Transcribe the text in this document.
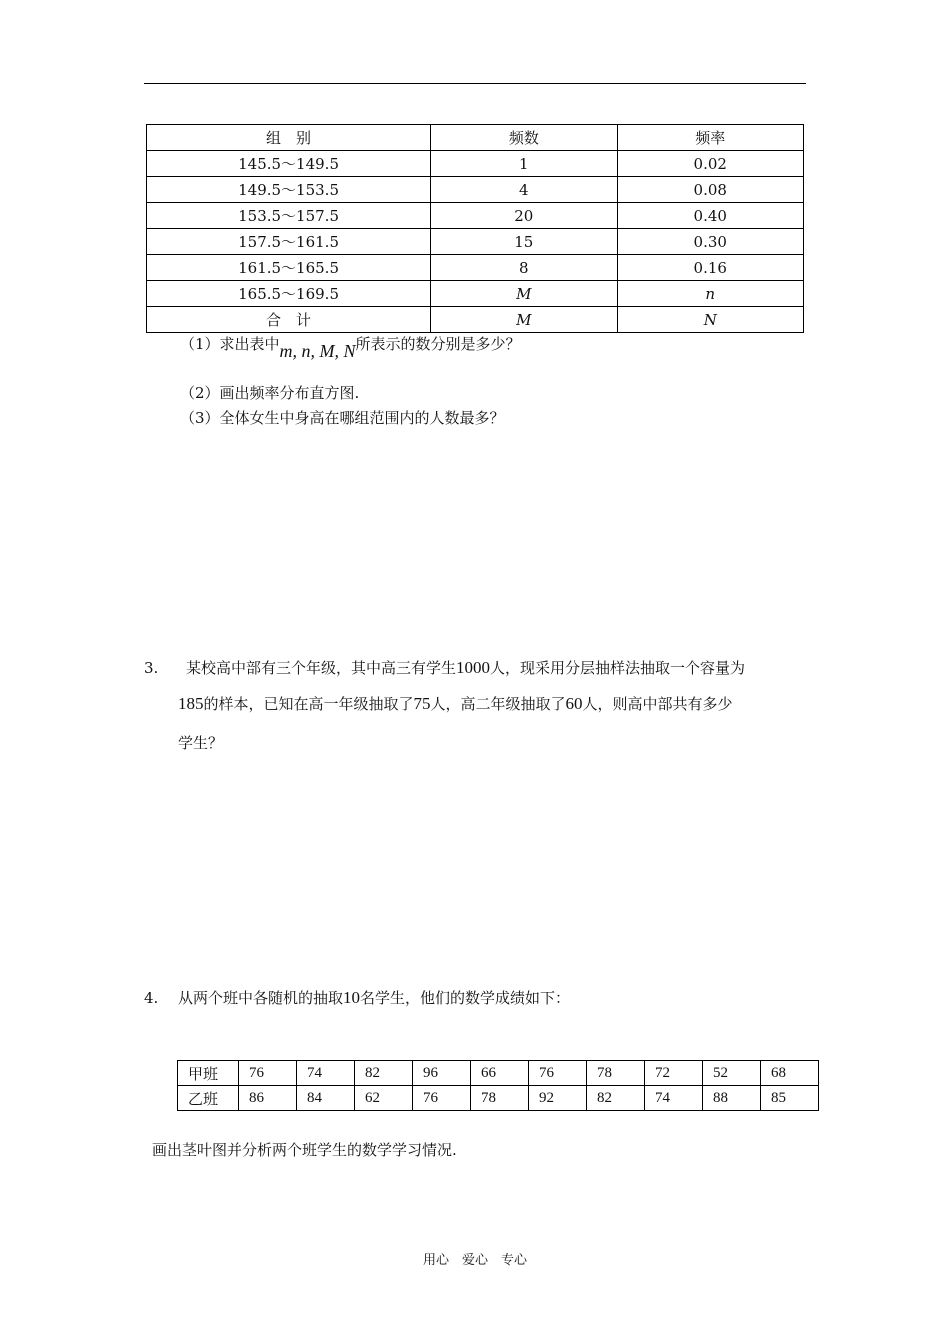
组　别	频数	频率
145.5～149.5	1	0.02
149.5～153.5	4	0.08
153.5～157.5	20	0.40
157.5～161.5	15	0.30
161.5～165.5	8	0.16
165.5～169.5	M	n
合　计	M	N
（1）求出表中m, n, M, N所表示的数分别是多少？
（2）画出频率分布直方图.
（3）全体女生中身高在哪组范围内的人数最多？
3. 某校高中部有三个年级，其中高三有学生1000人，现采用分层抽样法抽取一个容量为
185的样本，已知在高一年级抽取了75人，高二年级抽取了60人，则高中部共有多少
学生？
4. 从两个班中各随机的抽取10名学生，他们的数学成绩如下：
甲班	76	74	82	96	66	76	78	72	52	68
乙班	86	84	62	76	78	92	82	74	88	85
画出茎叶图并分析两个班学生的数学学习情况.
用心　爱心　专心
